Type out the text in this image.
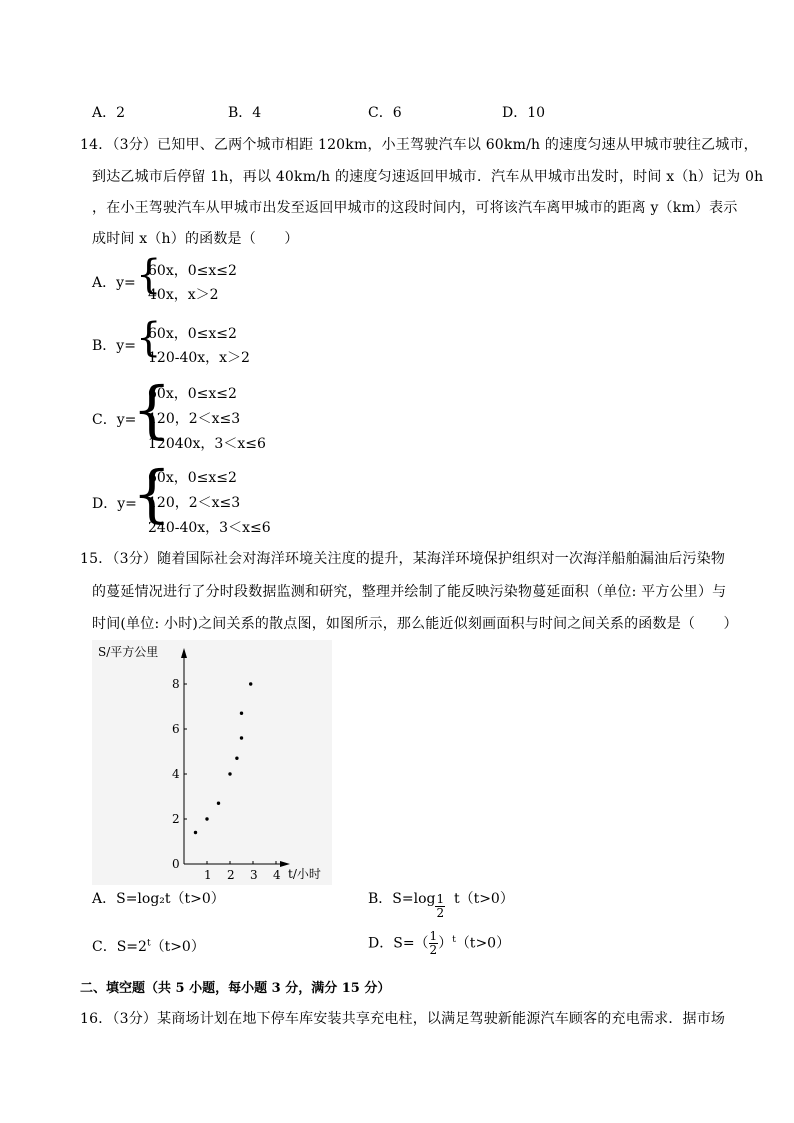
A．2	B．4	C．6	D．10
14．（3分）已知甲、乙两个城市相距 120km，小王驾驶汽车以 60km/h 的速度匀速从甲城市驶往乙城市，
到达乙城市后停留 1h，再以 40km/h 的速度匀速返回甲城市．汽车从甲城市出发时，时间 x（h）记为 0h
，在小王驾驶汽车从甲城市出发至返回甲城市的这段时间内，可将该汽车离甲城市的距离 y（km）表示
成时间 x（h）的函数是（　　）
A．y= {
60x，0≤x≤2
40x，x＞2
B．y= {
60x，0≤x≤2
120-40x，x＞2
C．y=
{
60x，0≤x≤2
120，2＜x≤3
12040x，3＜x≤6
D．y=
{
60x，0≤x≤2
120，2＜x≤3
240-40x，3＜x≤6
15．（3分）随着国际社会对海洋环境关注度的提升，某海洋环境保护组织对一次海洋船舶漏油后污染物
的蔓延情况进行了分时段数据监测和研究，整理并绘制了能反映污染物蔓延面积（单位: 平方公里）与
时间(单位: 小时)之间关系的散点图，如图所示，那么能近似刻画面积与时间之间关系的函数是（　　）
0
2
4
6
8
1 2 3 4
S/平方公里
t/小时
A．S=log₂t（t>0）	B．$S=\log \frac{1}{2} t(t>0)$
C．$S=2^t(t>0)$	D．$S=( \frac{1}{2} )^t(t>0)$
二、填空题（共 5 小题，每小题 3 分，满分 15 分）
16．（3分）某商场计划在地下停车库安装共享充电柱，以满足驾驶新能源汽车顾客的充电需求．据市场
